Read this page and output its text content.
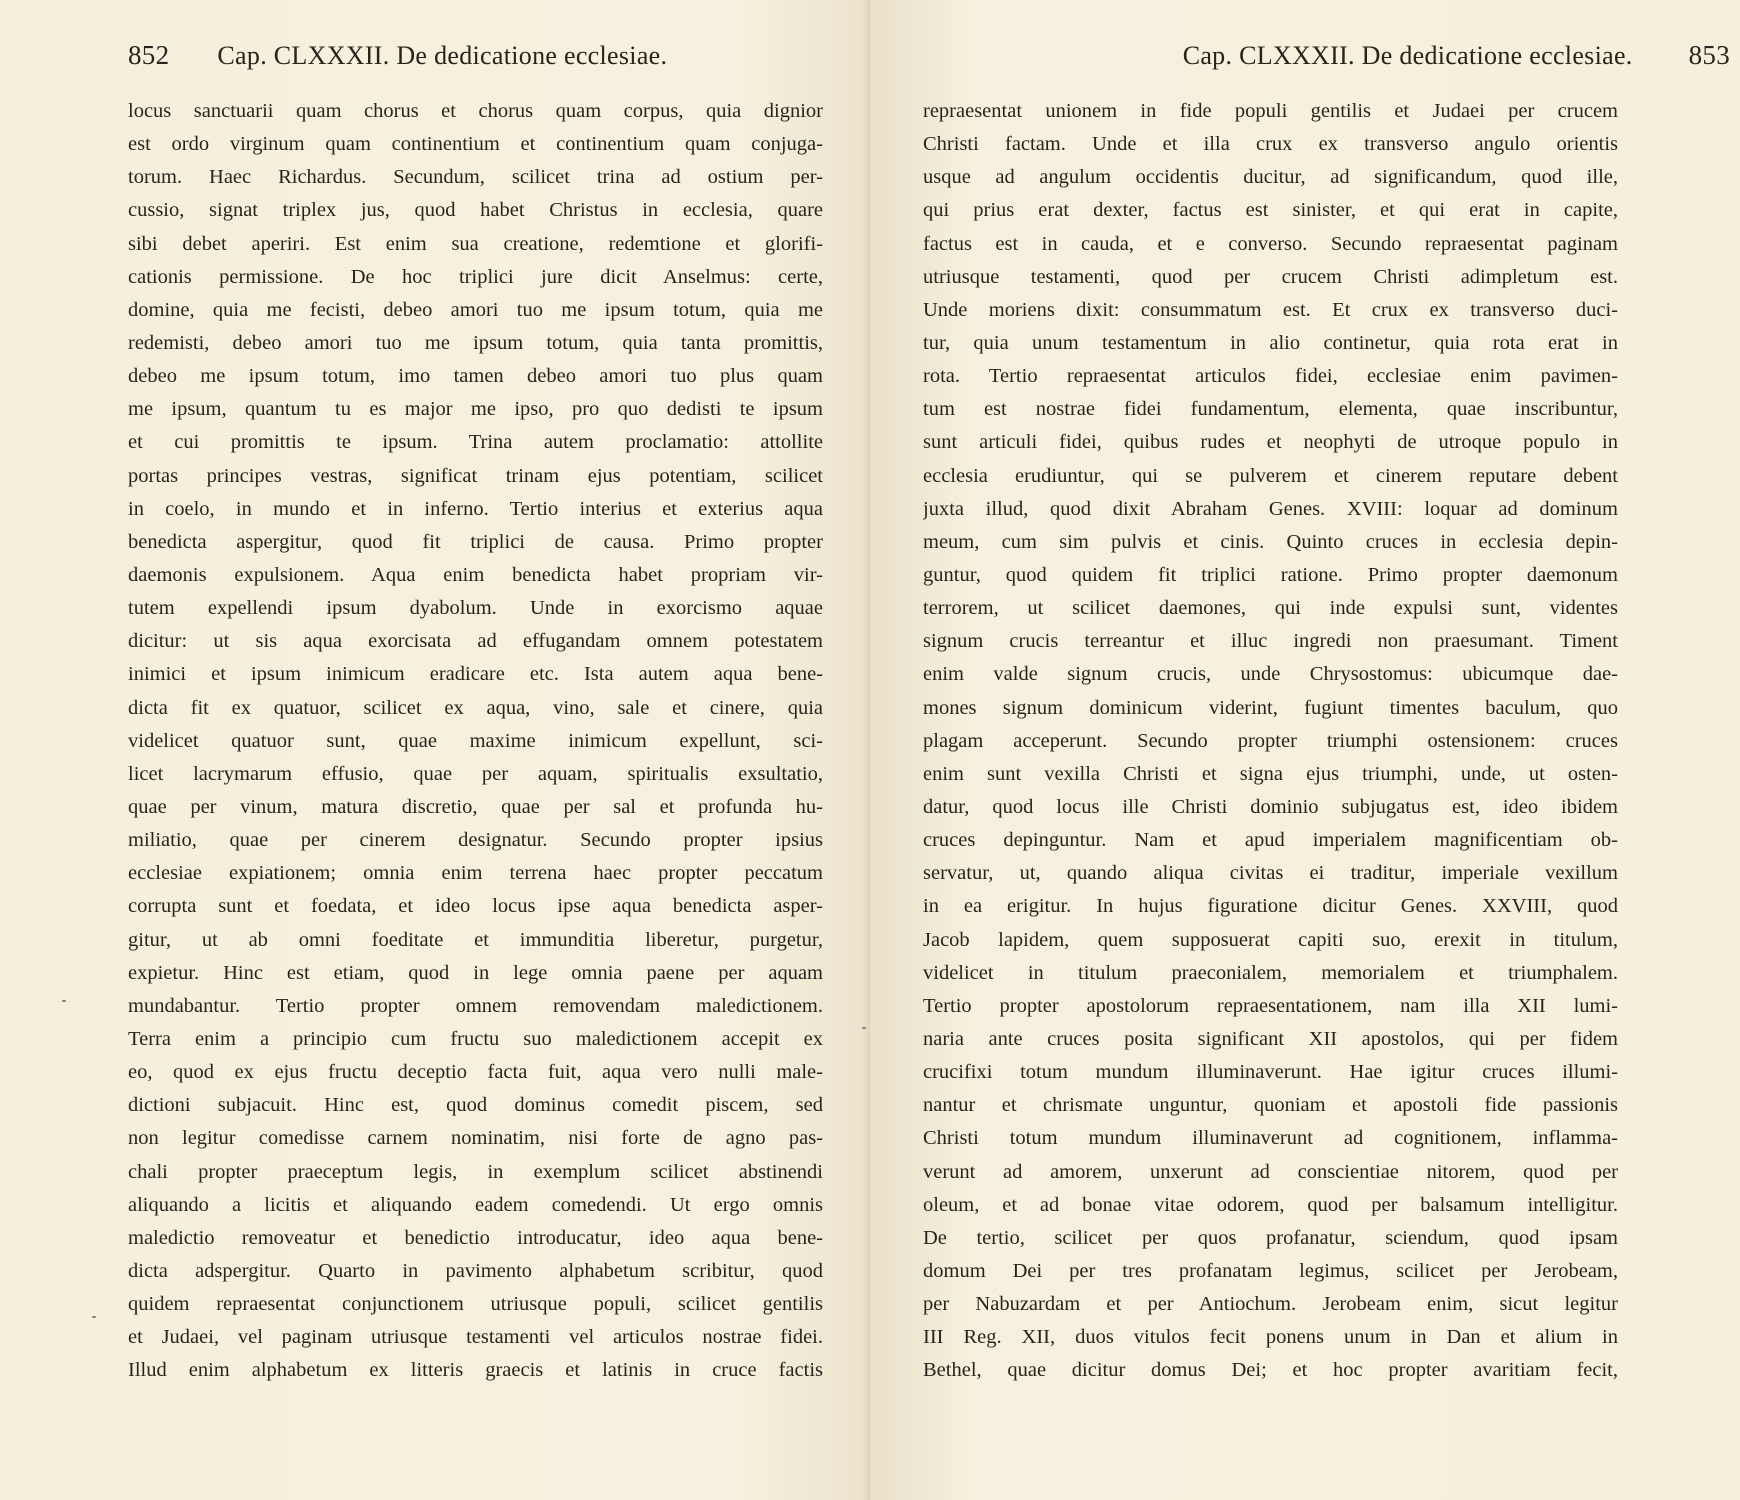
852 Cap. CLXXXII. De dedicatione ecclesiae.
locus sanctuarii quam chorus et chorus quam corpus, quia dignior
est ordo virginum quam continentium et continentium quam conjuga-
torum. Haec Richardus. Secundum, scilicet trina ad ostium per-
cussio, signat triplex jus, quod habet Christus in ecclesia, quare
sibi debet aperiri. Est enim sua creatione, redemtione et glorifi-
cationis permissione. De hoc triplici jure dicit Anselmus: certe,
domine, quia me fecisti, debeo amori tuo me ipsum totum, quia me
redemisti, debeo amori tuo me ipsum totum, quia tanta promittis,
debeo me ipsum totum, imo tamen debeo amori tuo plus quam
me ipsum, quantum tu es major me ipso, pro quo dedisti te ipsum
et cui promittis te ipsum. Trina autem proclamatio: attollite
portas principes vestras, significat trinam ejus potentiam, scilicet
in coelo, in mundo et in inferno. Tertio interius et exterius aqua
benedicta aspergitur, quod fit triplici de causa. Primo propter
daemonis expulsionem. Aqua enim benedicta habet propriam vir-
tutem expellendi ipsum dyabolum. Unde in exorcismo aquae
dicitur: ut sis aqua exorcisata ad effugandam omnem potestatem
inimici et ipsum inimicum eradicare etc. Ista autem aqua bene-
dicta fit ex quatuor, scilicet ex aqua, vino, sale et cinere, quia
videlicet quatuor sunt, quae maxime inimicum expellunt, sci-
licet lacrymarum effusio, quae per aquam, spiritualis exsultatio,
quae per vinum, matura discretio, quae per sal et profunda hu-
miliatio, quae per cinerem designatur. Secundo propter ipsius
ecclesiae expiationem; omnia enim terrena haec propter peccatum
corrupta sunt et foedata, et ideo locus ipse aqua benedicta asper-
gitur, ut ab omni foeditate et immunditia liberetur, purgetur,
expietur. Hinc est etiam, quod in lege omnia paene per aquam
mundabantur. Tertio propter omnem removendam maledictionem.
Terra enim a principio cum fructu suo maledictionem accepit ex
eo, quod ex ejus fructu deceptio facta fuit, aqua vero nulli male-
dictioni subjacuit. Hinc est, quod dominus comedit piscem, sed
non legitur comedisse carnem nominatim, nisi forte de agno pas-
chali propter praeceptum legis, in exemplum scilicet abstinendi
aliquando a licitis et aliquando eadem comedendi. Ut ergo omnis
maledictio removeatur et benedictio introducatur, ideo aqua bene-
dicta adspergitur. Quarto in pavimento alphabetum scribitur, quod
quidem repraesentat conjunctionem utriusque populi, scilicet gentilis
et Judaei, vel paginam utriusque testamenti vel articulos nostrae fidei.
Illud enim alphabetum ex litteris graecis et latinis in cruce factis
Cap. CLXXXII. De dedicatione ecclesiae. 853
repraesentat unionem in fide populi gentilis et Judaei per crucem
Christi factam. Unde et illa crux ex transverso angulo orientis
usque ad angulum occidentis ducitur, ad significandum, quod ille,
qui prius erat dexter, factus est sinister, et qui erat in capite,
factus est in cauda, et e converso. Secundo repraesentat paginam
utriusque testamenti, quod per crucem Christi adimpletum est.
Unde moriens dixit: consummatum est. Et crux ex transverso duci-
tur, quia unum testamentum in alio continetur, quia rota erat in
rota. Tertio repraesentat articulos fidei, ecclesiae enim pavimen-
tum est nostrae fidei fundamentum, elementa, quae inscribuntur,
sunt articuli fidei, quibus rudes et neophyti de utroque populo in
ecclesia erudiuntur, qui se pulverem et cinerem reputare debent
juxta illud, quod dixit Abraham Genes. XVIII: loquar ad dominum
meum, cum sim pulvis et cinis. Quinto cruces in ecclesia depin-
guntur, quod quidem fit triplici ratione. Primo propter daemonum
terrorem, ut scilicet daemones, qui inde expulsi sunt, videntes
signum crucis terreantur et illuc ingredi non praesumant. Timent
enim valde signum crucis, unde Chrysostomus: ubicumque dae-
mones signum dominicum viderint, fugiunt timentes baculum, quo
plagam acceperunt. Secundo propter triumphi ostensionem: cruces
enim sunt vexilla Christi et signa ejus triumphi, unde, ut osten-
datur, quod locus ille Christi dominio subjugatus est, ideo ibidem
cruces depinguntur. Nam et apud imperialem magnificentiam ob-
servatur, ut, quando aliqua civitas ei traditur, imperiale vexillum
in ea erigitur. In hujus figuratione dicitur Genes. XXVIII, quod
Jacob lapidem, quem supposuerat capiti suo, erexit in titulum,
videlicet in titulum praeconialem, memorialem et triumphalem.
Tertio propter apostolorum repraesentationem, nam illa XII lumi-
naria ante cruces posita significant XII apostolos, qui per fidem
crucifixi totum mundum illuminaverunt. Hae igitur cruces illumi-
nantur et chrismate unguntur, quoniam et apostoli fide passionis
Christi totum mundum illuminaverunt ad cognitionem, inflamma-
verunt ad amorem, unxerunt ad conscientiae nitorem, quod per
oleum, et ad bonae vitae odorem, quod per balsamum intelligitur.
De tertio, scilicet per quos profanatur, sciendum, quod ipsam
domum Dei per tres profanatam legimus, scilicet per Jerobeam,
per Nabuzardam et per Antiochum. Jerobeam enim, sicut legitur
III Reg. XII, duos vitulos fecit ponens unum in Dan et alium in
Bethel, quae dicitur domus Dei; et hoc propter avaritiam fecit,
